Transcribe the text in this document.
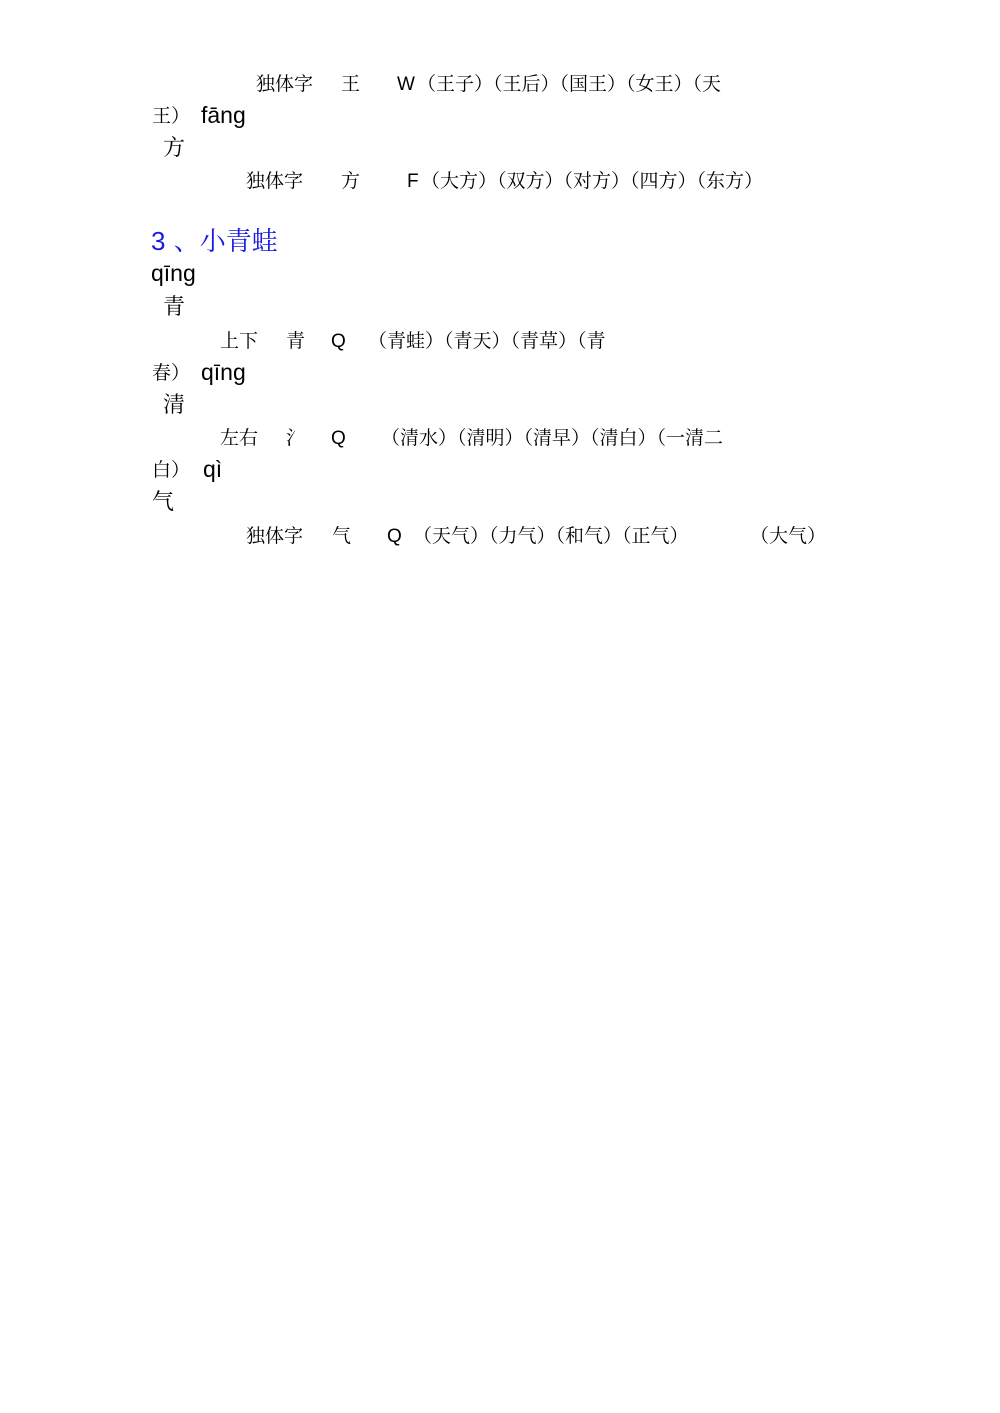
独体字 王 W （王子）（王后）（国王）（女王）（天
王） fāng
方
独体字 方 F （大方）（双方）（对方）（四方）（东方）
3 、小青蛙
qīng
青
上下 青 Q （青蛙）（青天）（青草）（青
春） qīng
清
左右 氵 Q （清水）（清明）（清早）（清白）（一清二
白） qì
气
独体字 气 Q （天气）（力气）（和气）（正气）	（大气）
